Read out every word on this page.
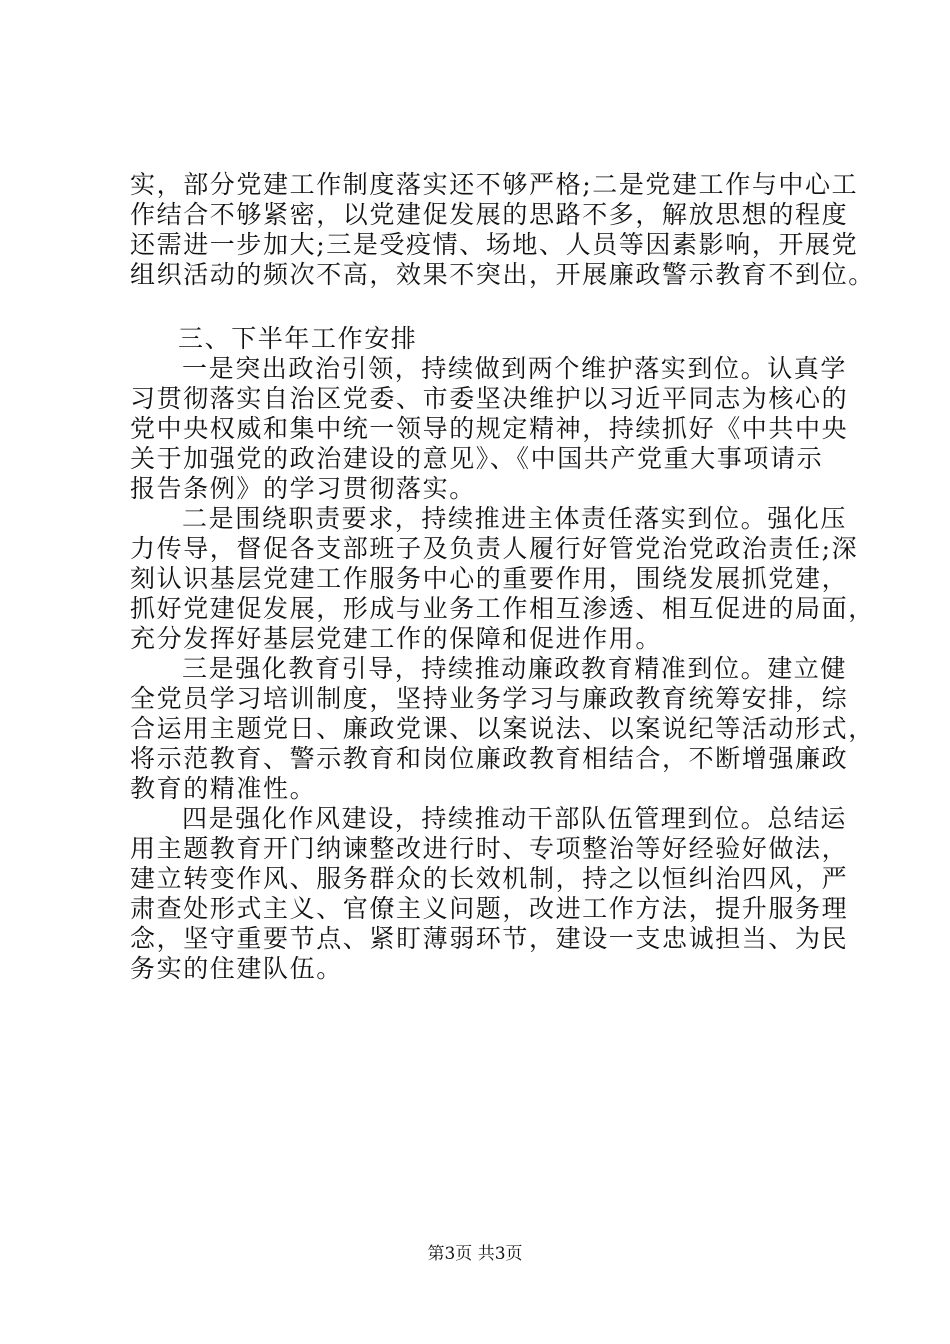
实，部分党建工作制度落实还不够严格;二是党建工作与中心工
作结合不够紧密，以党建促发展的思路不多，解放思想的程度
还需进一步加大;三是受疫情、场地、人员等因素影响，开展党
组织活动的频次不高，效果不突出，开展廉政警示教育不到位。
三、下半年工作安排
一是突出政治引领，持续做到两个维护落实到位。认真学
习贯彻落实自治区党委、市委坚决维护以习近平同志为核心的
党中央权威和集中统一领导的规定精神，持续抓好《中共中央
关于加强党的政治建设的意见》、《中国共产党重大事项请示
报告条例》的学习贯彻落实。
二是围绕职责要求，持续推进主体责任落实到位。强化压
力传导，督促各支部班子及负责人履行好管党治党政治责任;深
刻认识基层党建工作服务中心的重要作用，围绕发展抓党建，
抓好党建促发展，形成与业务工作相互渗透、相互促进的局面，
充分发挥好基层党建工作的保障和促进作用。
三是强化教育引导，持续推动廉政教育精准到位。建立健
全党员学习培训制度，坚持业务学习与廉政教育统筹安排，综
合运用主题党日、廉政党课、以案说法、以案说纪等活动形式，
将示范教育、警示教育和岗位廉政教育相结合，不断增强廉政
教育的精准性。
四是强化作风建设，持续推动干部队伍管理到位。总结运
用主题教育开门纳谏整改进行时、专项整治等好经验好做法，
建立转变作风、服务群众的长效机制，持之以恒纠治四风，严
肃查处形式主义、官僚主义问题，改进工作方法，提升服务理
念，坚守重要节点、紧盯薄弱环节，建设一支忠诚担当、为民
务实的住建队伍。
第3页 共3页
